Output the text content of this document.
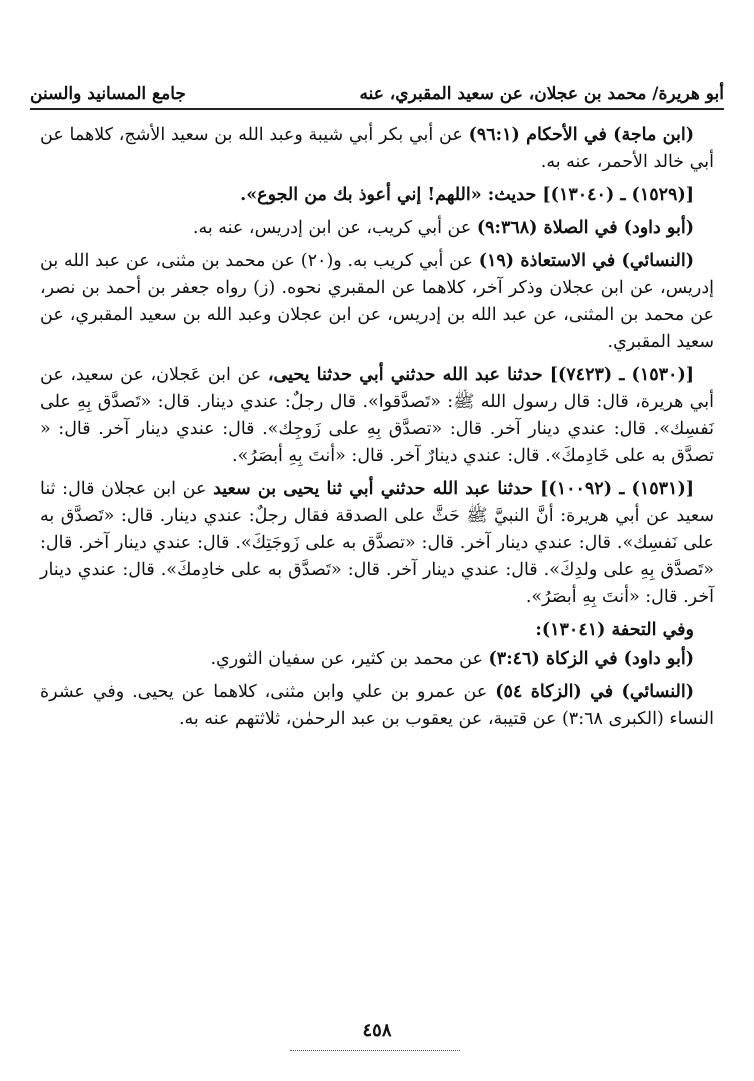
أبو هريرة/ محمد بن عجلان، عن سعيد المقبري، عنه
جامع المسانيد والسنن

(ابن ماجة) في الأحكام (٩٦:١) عن أبي بكر أبي شيبة وعبد الله بن سعيد الأشج، كلاهما عن أبي خالد الأحمر، عنه به.

[(١٥٢٩) ـ (١٣٠٤٠)] حديث: «اللهم! إني أعوذ بك من الجوع».

(أبو داود) في الصلاة (٩:٣٦٨) عن أبي كريب، عن ابن إدريس، عنه به.

(النسائي) في الاستعاذة (١٩) عن أبي كريب به. و(٢٠) عن محمد بن مثنى، عن عبد الله بن إدريس، عن ابن عجلان وذكر آخر، كلاهما عن المقبري نحوه. (ز) رواه جعفر بن أحمد بن نصر، عن محمد بن المثنى، عن عبد الله بن إدريس، عن ابن عجلان وعبد الله بن سعيد المقبري، عن سعيد المقبري.

[(١٥٣٠) ـ (٧٤٢٣)] حدثنا عبد الله حدثني أبي حدثنا يحيى، عن ابن عَجلان، عن سعيد، عن أبي هريرة، قال: قال رسول الله ﷺ: «تَصدَّقوا». قال رجلٌ: عندي دينار. قال: «تَصدَّق بِهِ على نَفسِك». قال: عندي دينار آخر. قال: «تصدَّق بِهِ على زَوجِك». قال: عندي دينار آخر. قال: « تصدَّق به على خَادِمكَ». قال: عندي دينارٌ آخر. قال: «أنتَ بِهِ أبصَرُ».

[(١٥٣١) ـ (١٠٠٩٢)] حدثنا عبد الله حدثني أبي ثنا يحيى بن سعيد عن ابن عجلان قال: ثنا سعيد عن أبي هريرة: أنَّ النبيَّ ﷺ حَثَّ على الصدقة فقال رجلٌ: عندي دينار. قال: «تَصدَّق به على نَفسِك». قال: عندي دينار آخر. قال: «تصدَّق به على زَوجَتِكَ». قال: عندي دينار آخر. قال: «تَصدَّق بِهِ على ولدِكَ». قال: عندي دينار آخر. قال: «تَصدَّق به على خادِمكَ». قال: عندي دينار آخر. قال: «أنتَ بِهِ أبصَرُ».

وفي التحفة (١٣٠٤١):

(أبو داود) في الزكاة (٣:٤٦) عن محمد بن كثير، عن سفيان الثوري.

(النسائي) في (الزكاة ٥٤) عن عمرو بن علي وابن مثنى، كلاهما عن يحيى. وفي عشرة النساء (الكبرى ٣:٦٨) عن قتيبة، عن يعقوب بن عبد الرحمٰن، ثلاثتهم عنه به.

٤٥٨
